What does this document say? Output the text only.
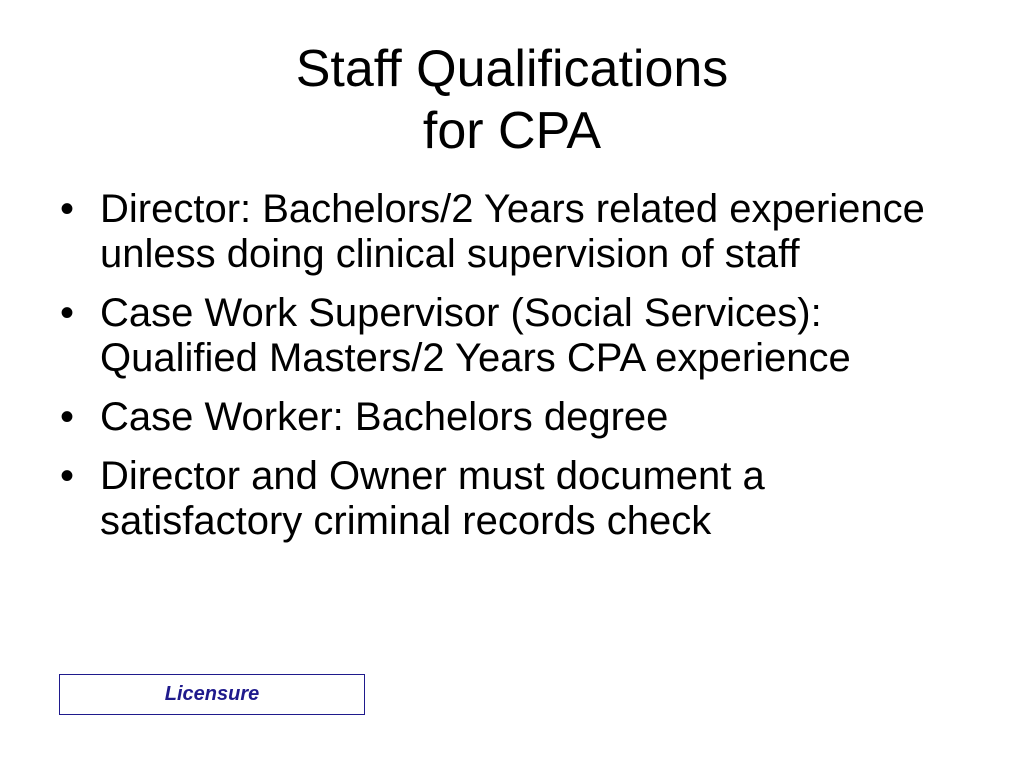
Staff Qualifications
for CPA
• Director: Bachelors/2 Years related experience unless doing clinical supervision of staff
• Case Work Supervisor (Social Services): Qualified Masters/2 Years CPA experience
• Case Worker: Bachelors degree
• Director and Owner must document a satisfactory criminal records check
Licensure
